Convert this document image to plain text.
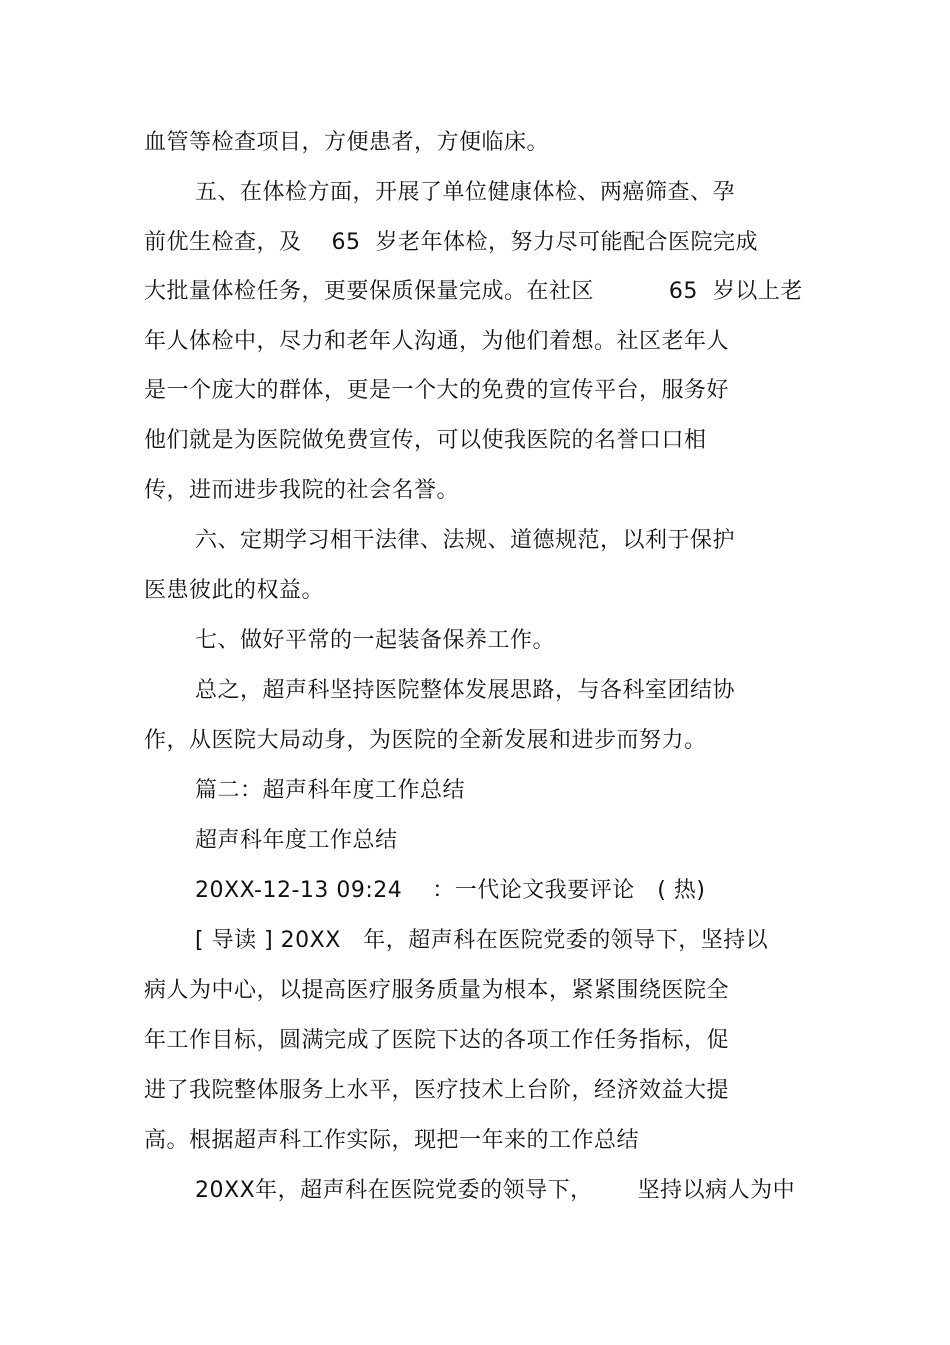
血管等检查项目，方便患者，方便临床。
五、在体检方面，开展了单位健康体检、两癌筛查、孕
前优生检查，及    65  岁老年体检，努力尽可能配合医院完成
大批量体检任务，更要保质保量完成。在社区          65  岁以上老
年人体检中，尽力和老年人沟通，为他们着想。社区老年人
是一个庞大的群体，更是一个大的免费的宣传平台，服务好
他们就是为医院做免费宣传，可以使我医院的名誉口口相
传，进而进步我院的社会名誉。
六、定期学习相干法律、法规、道德规范，以利于保护
医患彼此的权益。
七、做好平常的一起装备保养工作。
总之，超声科坚持医院整体发展思路，与各科室团结协
作，从医院大局动身，为医院的全新发展和进步而努力。
篇二：超声科年度工作总结
超声科年度工作总结
20XX-12-13 09:24    ：一代论文我要评论   ( 热)
[ 导读 ] 20XX   年，超声科在医院党委的领导下，坚持以
病人为中心，以提高医疗服务质量为根本，紧紧围绕医院全
年工作目标，圆满完成了医院下达的各项工作任务指标，促
进了我院整体服务上水平，医疗技术上台阶，经济效益大提
高。根据超声科工作实际，现把一年来的工作总结
20XX年，超声科在医院党委的领导下，      坚持以病人为中
